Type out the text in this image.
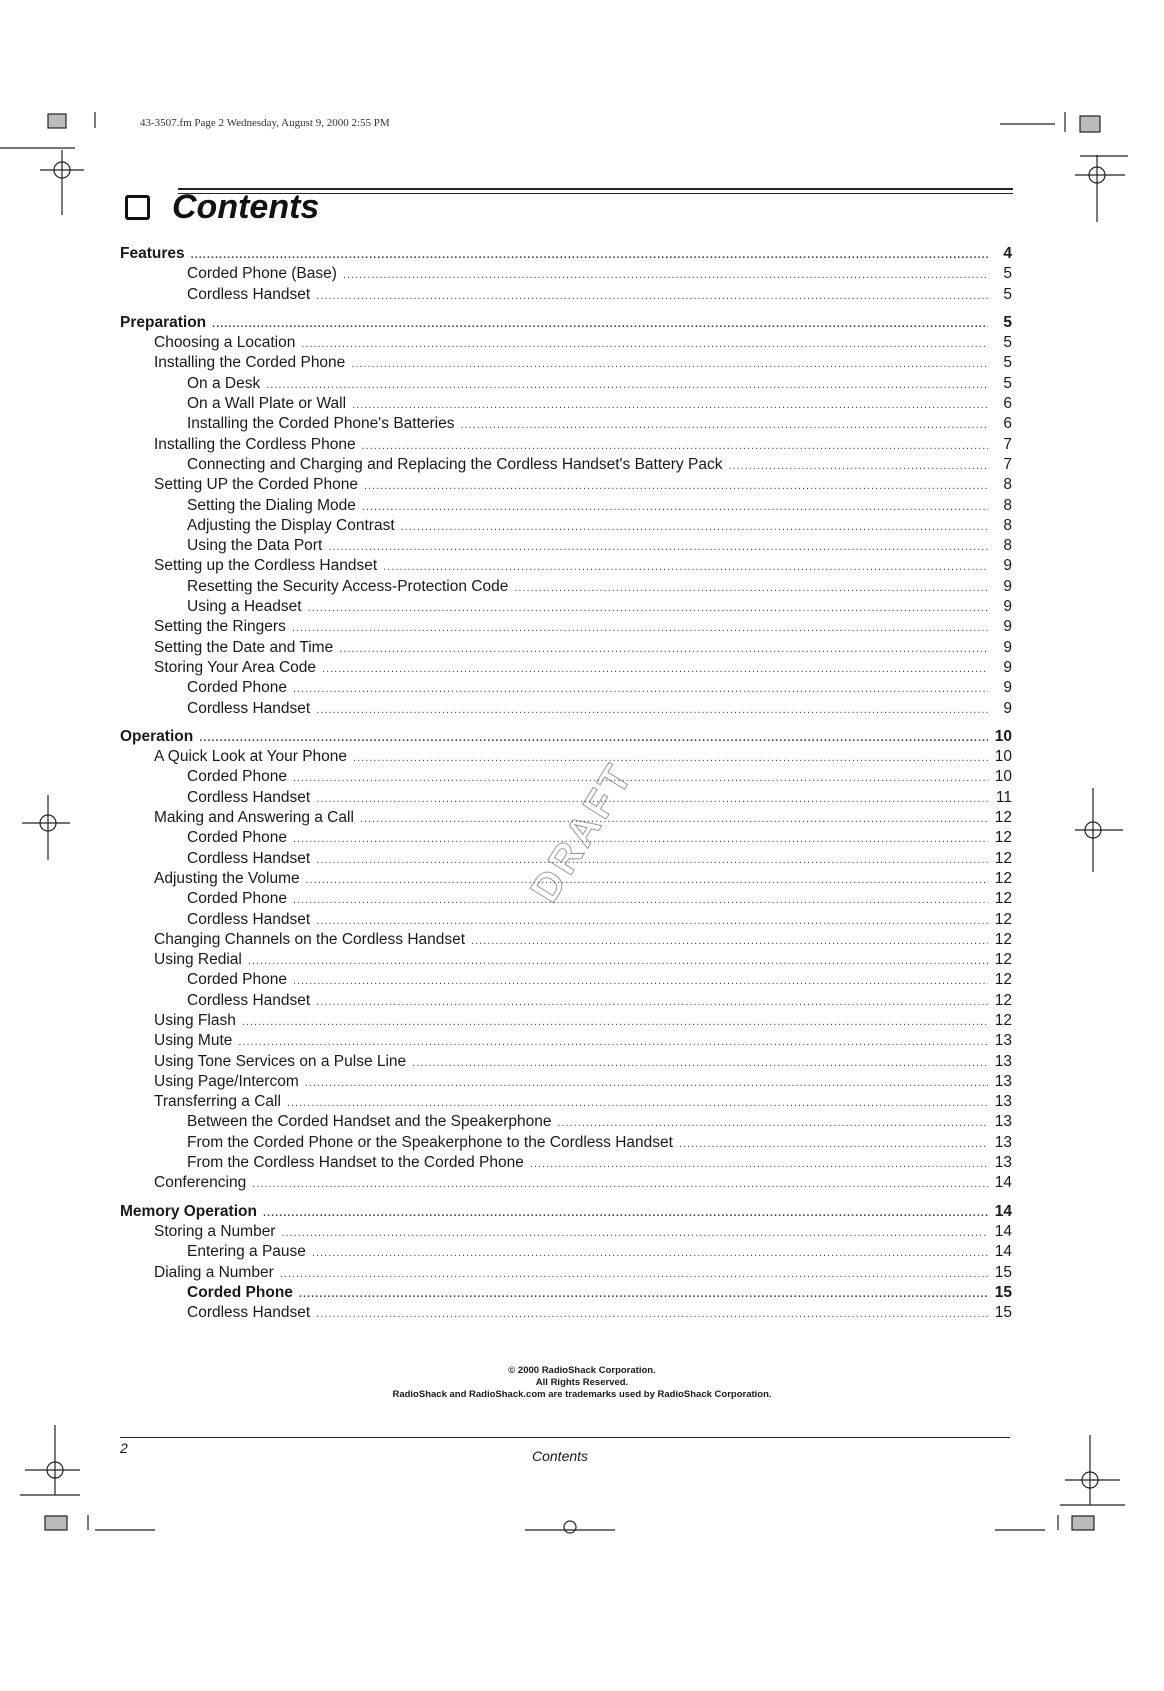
43-3507.fm Page 2 Wednesday, August 9, 2000 2:55 PM
Contents
DRAFT
Features .....	4
Corded Phone (Base) .....	5
Cordless Handset .....	5
Preparation .....	5
Choosing a Location .....	5
Installing the Corded Phone .....	5
On a Desk .....	5
On a Wall Plate or Wall .....	6
Installing the Corded Phone's Batteries .....	6
Installing the Cordless Phone .....	7
Connecting and Charging and Replacing the Cordless Handset's Battery Pack .....	7
Setting UP the Corded Phone .....	8
Setting the Dialing Mode .....	8
Adjusting the Display Contrast .....	8
Using the Data Port .....	8
Setting up the Cordless Handset .....	9
Resetting the Security Access-Protection Code .....	9
Using a Headset .....	9
Setting the Ringers .....	9
Setting the Date and Time .....	9
Storing Your Area Code .....	9
Corded Phone .....	9
Cordless Handset .....	9
Operation .....	10
A Quick Look at Your Phone .....	10
Corded Phone .....	10
Cordless Handset .....	11
Making and Answering a Call .....	12
Corded Phone .....	12
Cordless Handset .....	12
Adjusting the Volume .....	12
Corded Phone .....	12
Cordless Handset .....	12
Changing Channels on the Cordless Handset .....	12
Using Redial .....	12
Corded Phone .....	12
Cordless Handset .....	12
Using Flash .....	12
Using Mute .....	13
Using Tone Services on a Pulse Line .....	13
Using Page/Intercom .....	13
Transferring a Call .....	13
Between the Corded Handset and the Speakerphone .....	13
From the Corded Phone or the Speakerphone to the Cordless Handset .....	13
From the Cordless Handset to the Corded Phone .....	13
Conferencing .....	14
Memory Operation .....	14
Storing a Number .....	14
Entering a Pause .....	14
Dialing a Number .....	15
Corded Phone .....	15
Cordless Handset .....	15
© 2000 RadioShack Corporation.
All Rights Reserved.
RadioShack and RadioShack.com are trademarks used by RadioShack Corporation.
2	Contents
